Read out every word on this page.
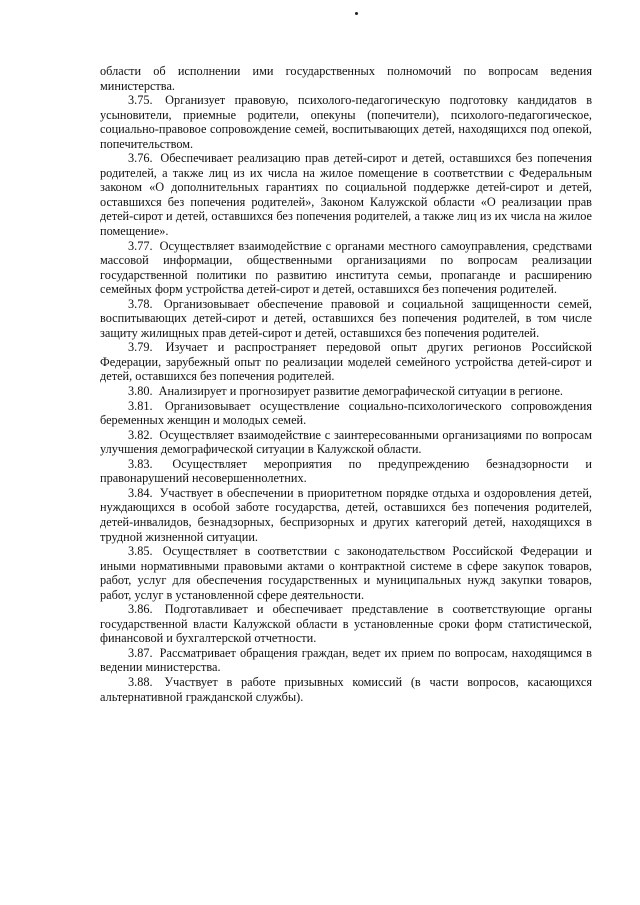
области об исполнении ими государственных полномочий по вопросам ведения министерства.

3.75. Организует правовую, психолого-педагогическую подготовку кандидатов в усыновители, приемные родители, опекуны (попечители), психолого-педагогическое, социально-правовое сопровождение семей, воспитывающих детей, находящихся под опекой, попечительством.

3.76. Обеспечивает реализацию прав детей-сирот и детей, оставшихся без попечения родителей, а также лиц из их числа на жилое помещение в соответствии с Федеральным законом «О дополнительных гарантиях по социальной поддержке детей-сирот и детей, оставшихся без попечения родителей», Законом Калужской области «О реализации прав детей-сирот и детей, оставшихся без попечения родителей, а также лиц из их числа на жилое помещение».

3.77. Осуществляет взаимодействие с органами местного самоуправления, средствами массовой информации, общественными организациями по вопросам реализации государственной политики по развитию института семьи, пропаганде и расширению семейных форм устройства детей-сирот и детей, оставшихся без попечения родителей.

3.78. Организовывает обеспечение правовой и социальной защищенности семей, воспитывающих детей-сирот и детей, оставшихся без попечения родителей, в том числе защиту жилищных прав детей-сирот и детей, оставшихся без попечения родителей.

3.79. Изучает и распространяет передовой опыт других регионов Российской Федерации, зарубежный опыт по реализации моделей семейного устройства детей-сирот и детей, оставшихся без попечения родителей.

3.80. Анализирует и прогнозирует развитие демографической ситуации в регионе.

3.81. Организовывает осуществление социально-психологического сопровождения беременных женщин и молодых семей.

3.82. Осуществляет взаимодействие с заинтересованными организациями по вопросам улучшения демографической ситуации в Калужской области.

3.83. Осуществляет мероприятия по предупреждению безнадзорности и правонарушений несовершеннолетних.

3.84. Участвует в обеспечении в приоритетном порядке отдыха и оздоровления детей, нуждающихся в особой заботе государства, детей, оставшихся без попечения родителей, детей-инвалидов, безнадзорных, беспризорных и других категорий детей, находящихся в трудной жизненной ситуации.

3.85. Осуществляет в соответствии с законодательством Российской Федерации и иными нормативными правовыми актами о контрактной системе в сфере закупок товаров, работ, услуг для обеспечения государственных и муниципальных нужд закупки товаров, работ, услуг в установленной сфере деятельности.

3.86. Подготавливает и обеспечивает представление в соответствующие органы государственной власти Калужской области в установленные сроки форм статистической, финансовой и бухгалтерской отчетности.

3.87. Рассматривает обращения граждан, ведет их прием по вопросам, находящимся в ведении министерства.

3.88. Участвует в работе призывных комиссий (в части вопросов, касающихся альтернативной гражданской службы).
